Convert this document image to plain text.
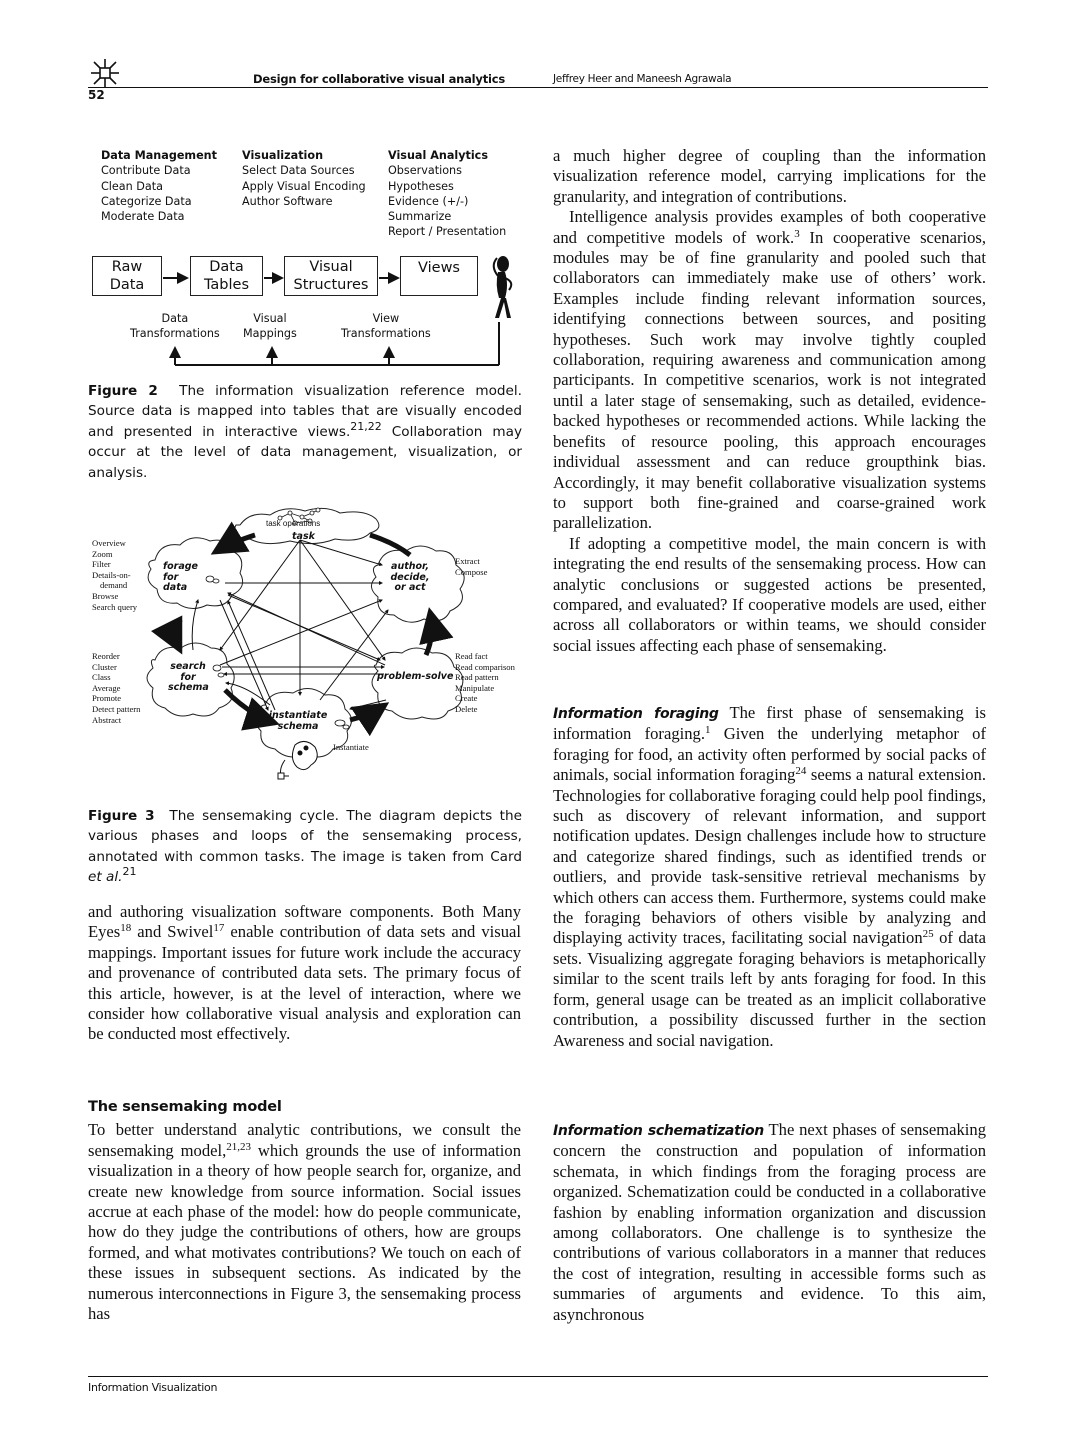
52
Design for collaborative visual analytics	Jeffrey Heer and Maneesh Agrawala
Data Management
Contribute Data
Clean Data
Categorize Data
Moderate Data
Visualization
Select Data Sources
Apply Visual Encoding
Author Software
Visual Analytics
Observations
Hypotheses
Evidence (+/-)
Summarize
Report / Presentation
Raw
Data
Data
Tables
Visual
Structures
Views
Data
Transformations
Visual
Mappings
View
Transformations
Figure 2 The information visualization reference model. Source data is mapped into tables that are visually encoded and presented in interactive views.$^{21,22}$ Collaboration may occur at the level of data management, visualization, or analysis.
task operations
task
forage
for data
author,
decide,
or act
search
for
schema
problem-solve
instantiate
schema
Overview
Zoom
Filter
Details-on-
demand
Browse
Search query
Extract
Compose
Reorder
Cluster
Class
Average
Promote
Detect pattern
Abstract
Read fact
Read comparison
Read pattern
Manipulate
Create
Delete
Instantiate
Figure 3 The sensemaking cycle. The diagram depicts the various phases and loops of the sensemaking process, annotated with common tasks. The image is taken from Card et al.$^{21}$

and authoring visualization software components. Both Many Eyes$^{18}$ and Swivel$^{17}$ enable contribution of data sets and visual mappings. Important issues for future work include the accuracy and provenance of contributed data sets. The primary focus of this article, however, is at the level of interaction, where we consider how collaborative visual analysis and exploration can be conducted most effectively.

The sensemaking model

To better understand analytic contributions, we consult the sensemaking model,$^{21,23}$ which grounds the use of information visualization in a theory of how people search for, organize, and create new knowledge from source information. Social issues accrue at each phase of the model: how do people communicate, how do they judge the contributions of others, how are groups formed, and what motivates contributions? We touch on each of these issues in subsequent sections. As indicated by the numerous interconnections in Figure 3, the sensemaking process has

a much higher degree of coupling than the information visualization reference model, carrying implications for the granularity, and integration of contributions.

Intelligence analysis provides examples of both cooperative and competitive models of work.$^3$ In cooperative scenarios, modules may be of fine granularity and pooled such that collaborators can immediately make use of others’ work. Examples include finding relevant information sources, identifying connections between sources, and positing hypotheses. Such work may involve tightly coupled collaboration, requiring awareness and communication among participants. In competitive scenarios, work is not integrated until a later stage of sensemaking, such as detailed, evidence-backed hypotheses or recommended actions. While lacking the benefits of resource pooling, this approach encourages individual assessment and can reduce groupthink bias. Accordingly, it may benefit collaborative visualization systems to support both fine-grained and coarse-grained work parallelization.

If adopting a competitive model, the main concern is with integrating the end results of the sensemaking process. How can analytic conclusions or suggested actions be presented, compared, and evaluated? If cooperative models are used, either across all collaborators or within teams, we should consider social issues affecting each phase of sensemaking.

Information foraging The first phase of sensemaking is information foraging.$^1$ Given the underlying metaphor of foraging for food, an activity often performed by social packs of animals, social information foraging$^{24}$ seems a natural extension. Technologies for collaborative foraging could help pool findings, such as discovery of relevant information, and support notification updates. Design challenges include how to structure and categorize shared findings, such as identified trends or outliers, and provide task-sensitive retrieval mechanisms by which others can access them. Furthermore, systems could make the foraging behaviors of others visible by analyzing and displaying activity traces, facilitating social navigation$^{25}$ of data sets. Visualizing aggregate foraging behaviors is metaphorically similar to the scent trails left by ants foraging for food. In this form, general usage can be treated as an implicit collaborative contribution, a possibility discussed further in the section Awareness and social navigation.

Information schematization The next phases of sensemaking concern the construction and population of information schemata, in which findings from the foraging process are organized. Schematization could be conducted in a collaborative fashion by enabling information organization and discussion among collaborators. One challenge is to synthesize the contributions of various collaborators in a manner that reduces the cost of integration, resulting in accessible forms such as summaries of arguments and evidence. To this aim, asynchronous

Information Visualization
